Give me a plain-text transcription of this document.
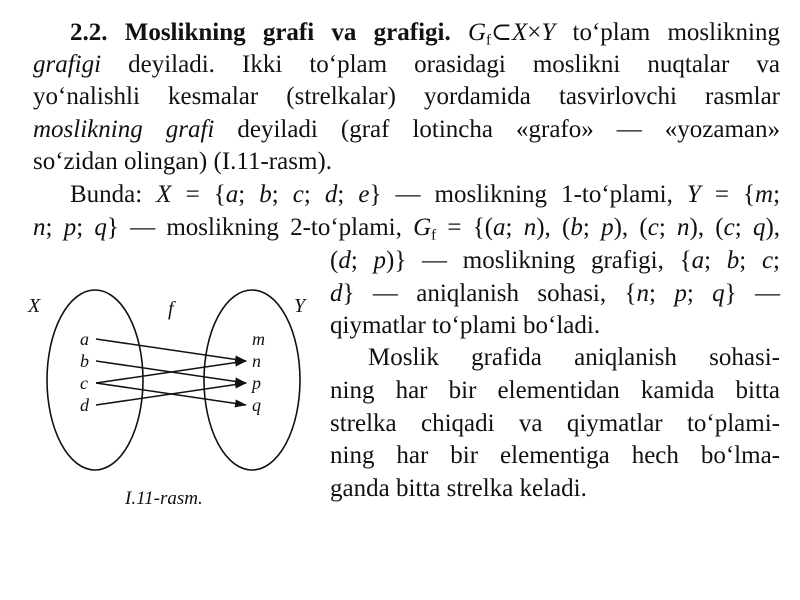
2.2. Moslikning grafi va grafigi. $G_f\subset X\times Y$ to‘plam moslikning

grafigi deyiladi. Ikki to‘plam orasidagi moslikni nuqtalar va

yo‘nalishli kesmalar (strelkalar) yordamida tasvirlovchi rasmlar

moslikning grafi deyiladi (graf lotincha «grafo» — «yozaman»

so‘zidan olingan) (I.11-rasm).

Bunda: X = {a; b; c; d; e} — moslikning 1-to‘plami, Y = {m;

n; p; q} — moslikning 2-to‘plami, $G_f = \{(a$; n), (b; p), (c; n), (c; q),

(d; p)} — moslikning grafigi, {a; b; c;

d} — aniqlanish sohasi, {n; p; q} —

qiymatlar to‘plami bo‘ladi.

Moslik grafida aniqlanish sohasi-

ning har bir elementidan kamida bitta

strelka chiqadi va qiymatlar to‘plami-

ning har bir elementiga hech bo‘lma-

ganda bitta strelka keladi.

X	Y
f
a
b
c
d
m
n
p
q
I.11-rasm.
